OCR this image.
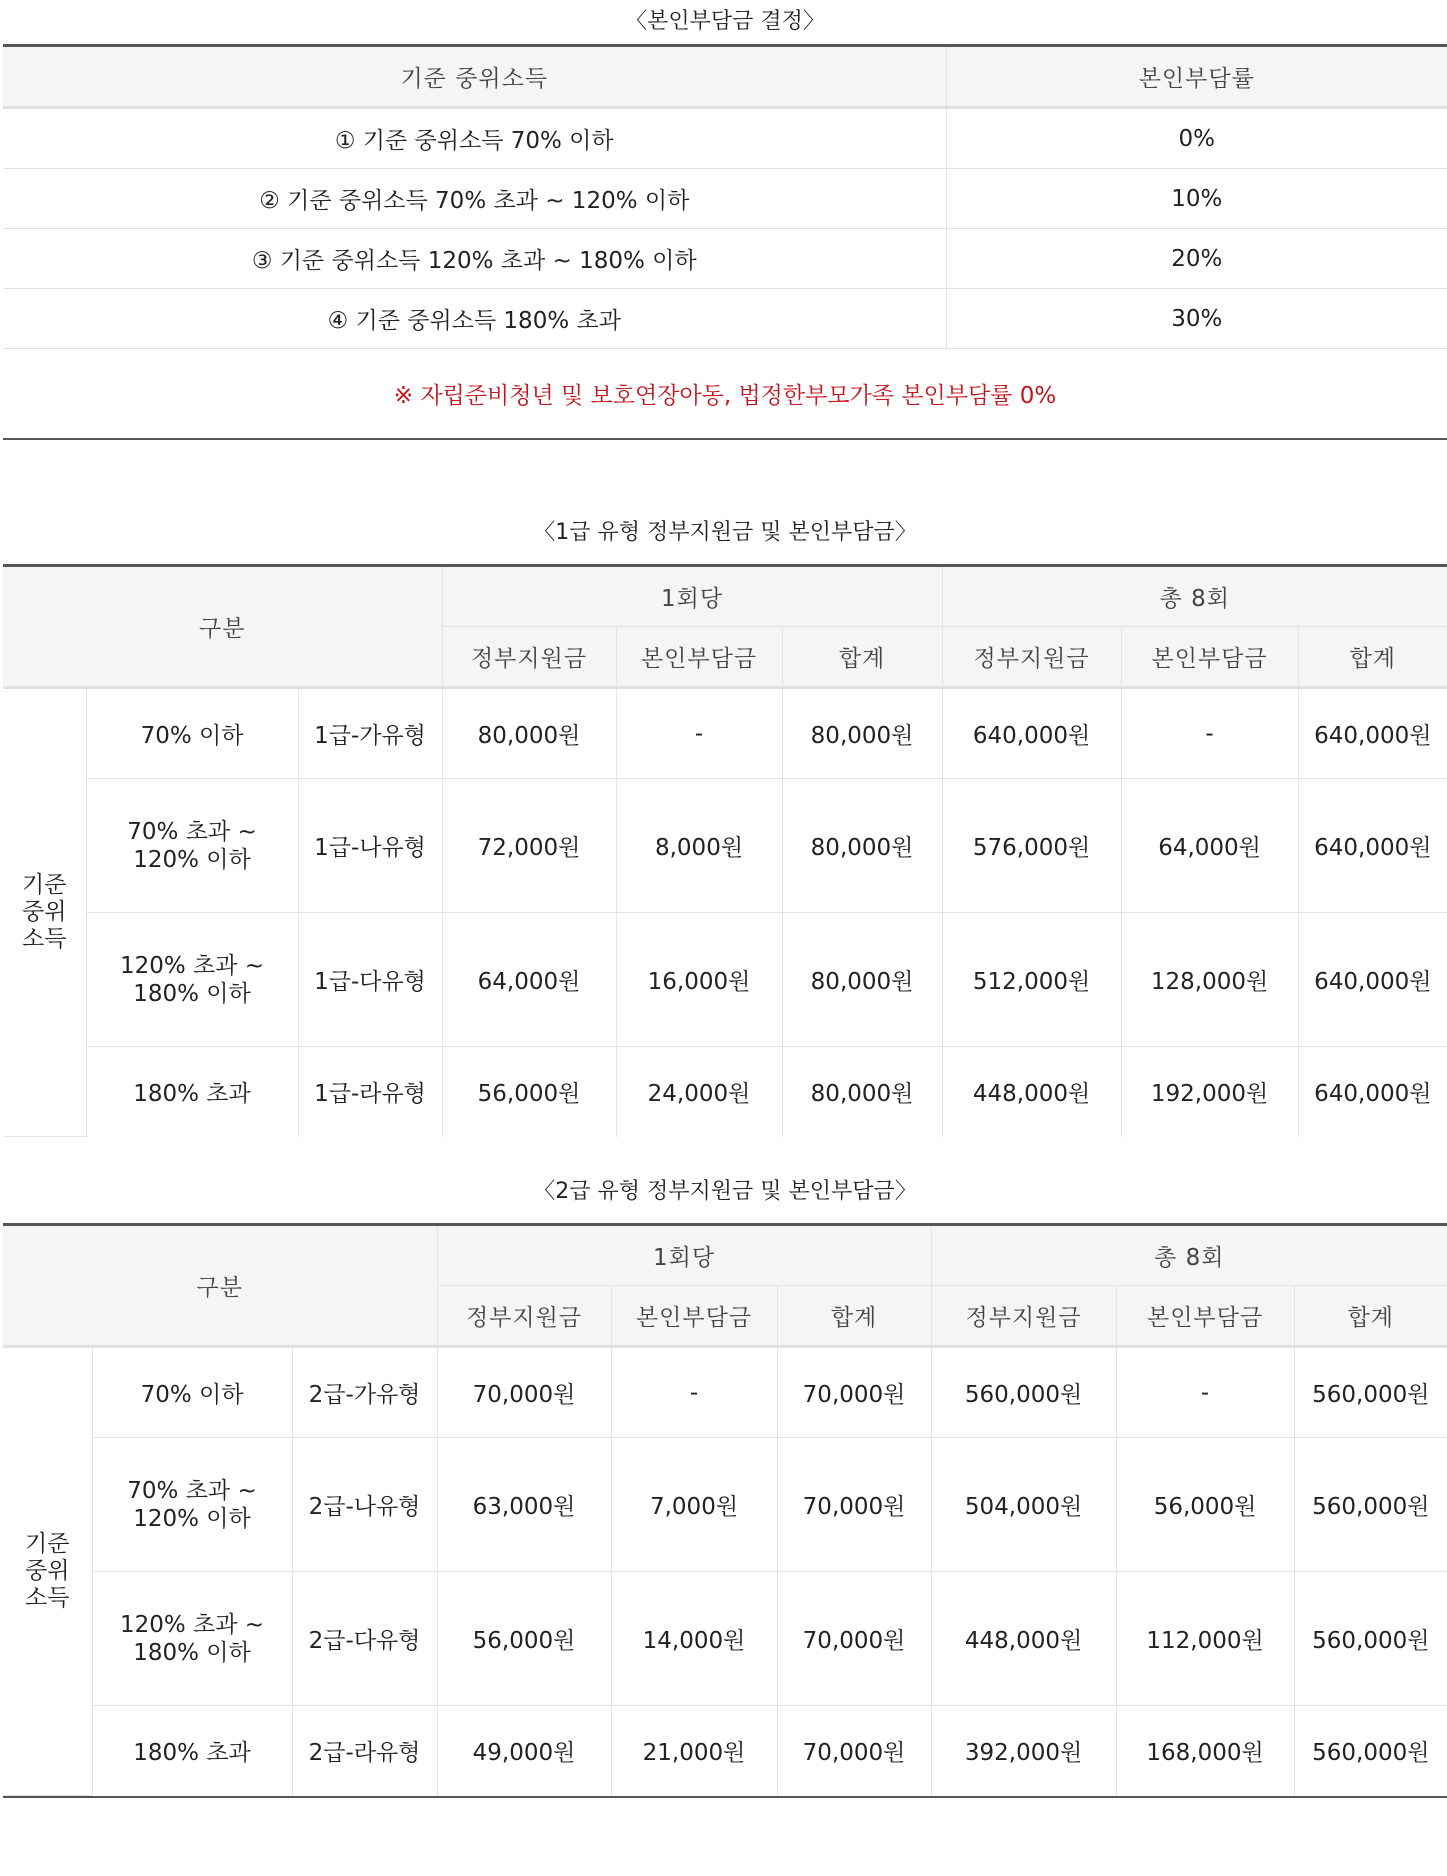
〈 본인부담금 결정 〉
기준 중위소득	본인부담률
① 기준 중위소득 70% 이하	0%
② 기준 중위소득 70% 초과 ~ 120% 이하	10%
③ 기준 중위소득 120% 초과 ~ 180% 이하	20%
④ 기준 중위소득 180% 초과	30%
※ 자립준비청년 및 보호연장아동, 법정한부모가족 본인부담률 0%	
〈 1급 유형 정부지원금 및 본인부담금 〉
구분			1회당			총 8회		
			정부지원금	본인부담금	합계	정부지원금	본인부담금	합계
기준
중위
소득	70% 이하	1급-가유형	80,000원	-	80,000원	640,000원	-	640,000원
	70% 초과 ~
120% 이하	1급-나유형	72,000원	8,000원	80,000원	576,000원	64,000원	640,000원
	120% 초과 ~
180% 이하	1급-다유형	64,000원	16,000원	80,000원	512,000원	128,000원	640,000원
	180% 초과	1급-라유형	56,000원	24,000원	80,000원	448,000원	192,000원	640,000원
〈 2급 유형 정부지원금 및 본인부담금 〉
구분			1회당			총 8회		
			정부지원금	본인부담금	합계	정부지원금	본인부담금	합계
기준
중위
소득	70% 이하	2급-가유형	70,000원	-	70,000원	560,000원	-	560,000원
	70% 초과 ~
120% 이하	2급-나유형	63,000원	7,000원	70,000원	504,000원	56,000원	560,000원
	120% 초과 ~
180% 이하	2급-다유형	56,000원	14,000원	70,000원	448,000원	112,000원	560,000원
	180% 초과	2급-라유형	49,000원	21,000원	70,000원	392,000원	168,000원	560,000원
